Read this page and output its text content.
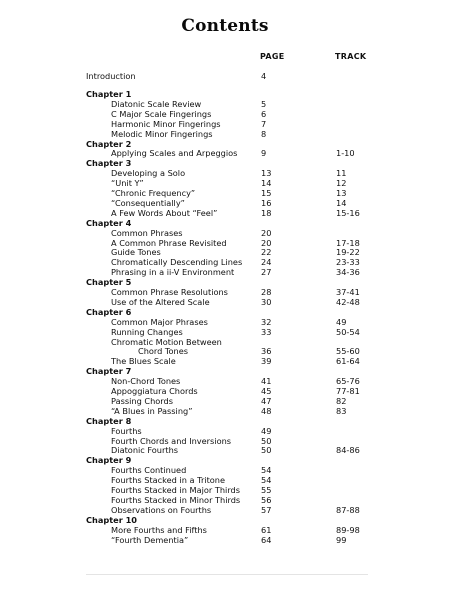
Contents
PAGE	TRACK
Introduction	4
Chapter 1
Diatonic Scale Review	5
C Major Scale Fingerings	6
Harmonic Minor Fingerings	7
Melodic Minor Fingerings	8
Chapter 2
Applying Scales and Arpeggios	9	1-10
Chapter 3
Developing a Solo	13	11
“Unit Y”	14	12
“Chronic Frequency”	15	13
“Consequentially”	16	14
A Few Words About “Feel”	18	15-16
Chapter 4
Common Phrases	20
A Common Phrase Revisited	20	17-18
Guide Tones	22	19-22
Chromatically Descending Lines 24	23-33
Phrasing in a ii-V Environment	27	34-36
Chapter 5
Common Phrase Resolutions	28	37-41
Use of the Altered Scale	30	42-48
Chapter 6
Common Major Phrases	32	49
Running Changes	33	50-54
Chromatic Motion Between
Chord Tones	36	55-60
The Blues Scale	39	61-64
Chapter 7
Non-Chord Tones	41	65-76
Appoggiatura Chords	45	77-81
Passing Chords	47	82
“A Blues in Passing”	48	83
Chapter 8
Fourths	49
Fourth Chords and Inversions	50
Diatonic Fourths	50	84-86
Chapter 9
Fourths Continued	54
Fourths Stacked in a Tritone	54
Fourths Stacked in Major Thirds	55
Fourths Stacked in Minor Thirds	56
Observations on Fourths	57	87-88
Chapter 10
More Fourths and Fifths	61	89-98
“Fourth Dementia”	64	99
